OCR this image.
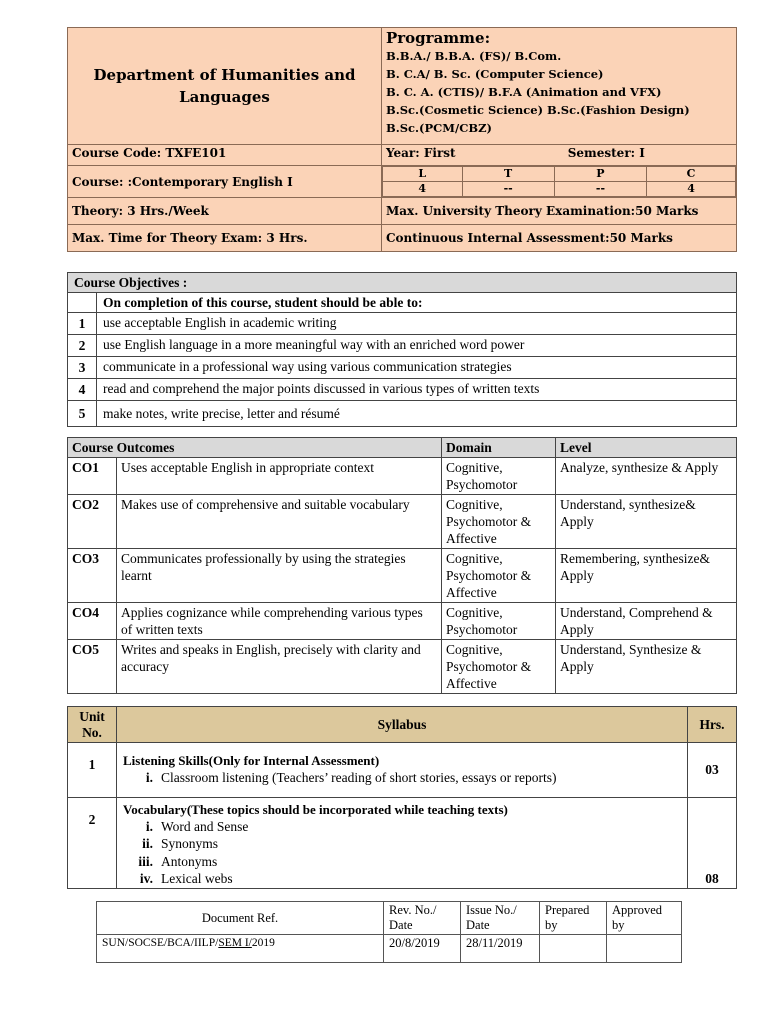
Department of Humanities and Languages	
Programme:
B.B.A./ B.B.A. (FS)/ B.Com.
B. C.A/ B. Sc. (Computer Science)
B. C. A. (CTIS)/ B.F.A (Animation and VFX)
B.Sc.(Cosmetic Science) B.Sc.(Fashion Design)
B.Sc.(PCM/CBZ)

Course Code: TXFE101	Year: First	Semester: I
Course: :Contemporary English I	
L	T	P	C
4	--	--	4

Theory: 3 Hrs./Week	Max. University Theory Examination:50 Marks
Max. Time for Theory Exam: 3 Hrs.	Continuous Internal Assessment:50 Marks
Course Objectives :	
	On completion of this course, student should be able to:
1	use acceptable English in academic writing
2	use English language in a more meaningful way with an enriched word power
3	communicate in a professional way using various communication strategies
4	read and comprehend the major points discussed in various types of written texts
5	make notes, write precise, letter and résumé
Course Outcomes		Domain	Level
CO1	Uses acceptable English in appropriate context	Cognitive, Psychomotor	Analyze, synthesize & Apply
CO2	Makes use of comprehensive and suitable vocabulary	Cognitive, Psychomotor & Affective	Understand, synthesize& Apply
CO3	Communicates professionally by using the strategies learnt	Cognitive, Psychomotor & Affective	Remembering, synthesize& Apply
CO4	Applies cognizance while comprehending various types of written texts	Cognitive, Psychomotor	Understand, Comprehend & Apply
CO5	Writes and speaks in English, precisely with clarity and accuracy	Cognitive, Psychomotor & Affective	Understand, Synthesize & Apply
Unit No.	Syllabus	Hrs.
1	Listening Skills(Only for Internal Assessment)
i. Classroom listening (Teachers’ reading of short stories, essays or reports)	03
2	Vocabulary(These topics should be incorporated while teaching texts)
i. Word and Sense
ii. Synonyms
iii. Antonyms
iv. Lexical webs	08
Document Ref.	Rev. No./ Date	Issue No./ Date	Prepared by	Approved by
SUN/SOCSE/BCA/IILP/SEM I/2019	20/8/2019	28/11/2019		
